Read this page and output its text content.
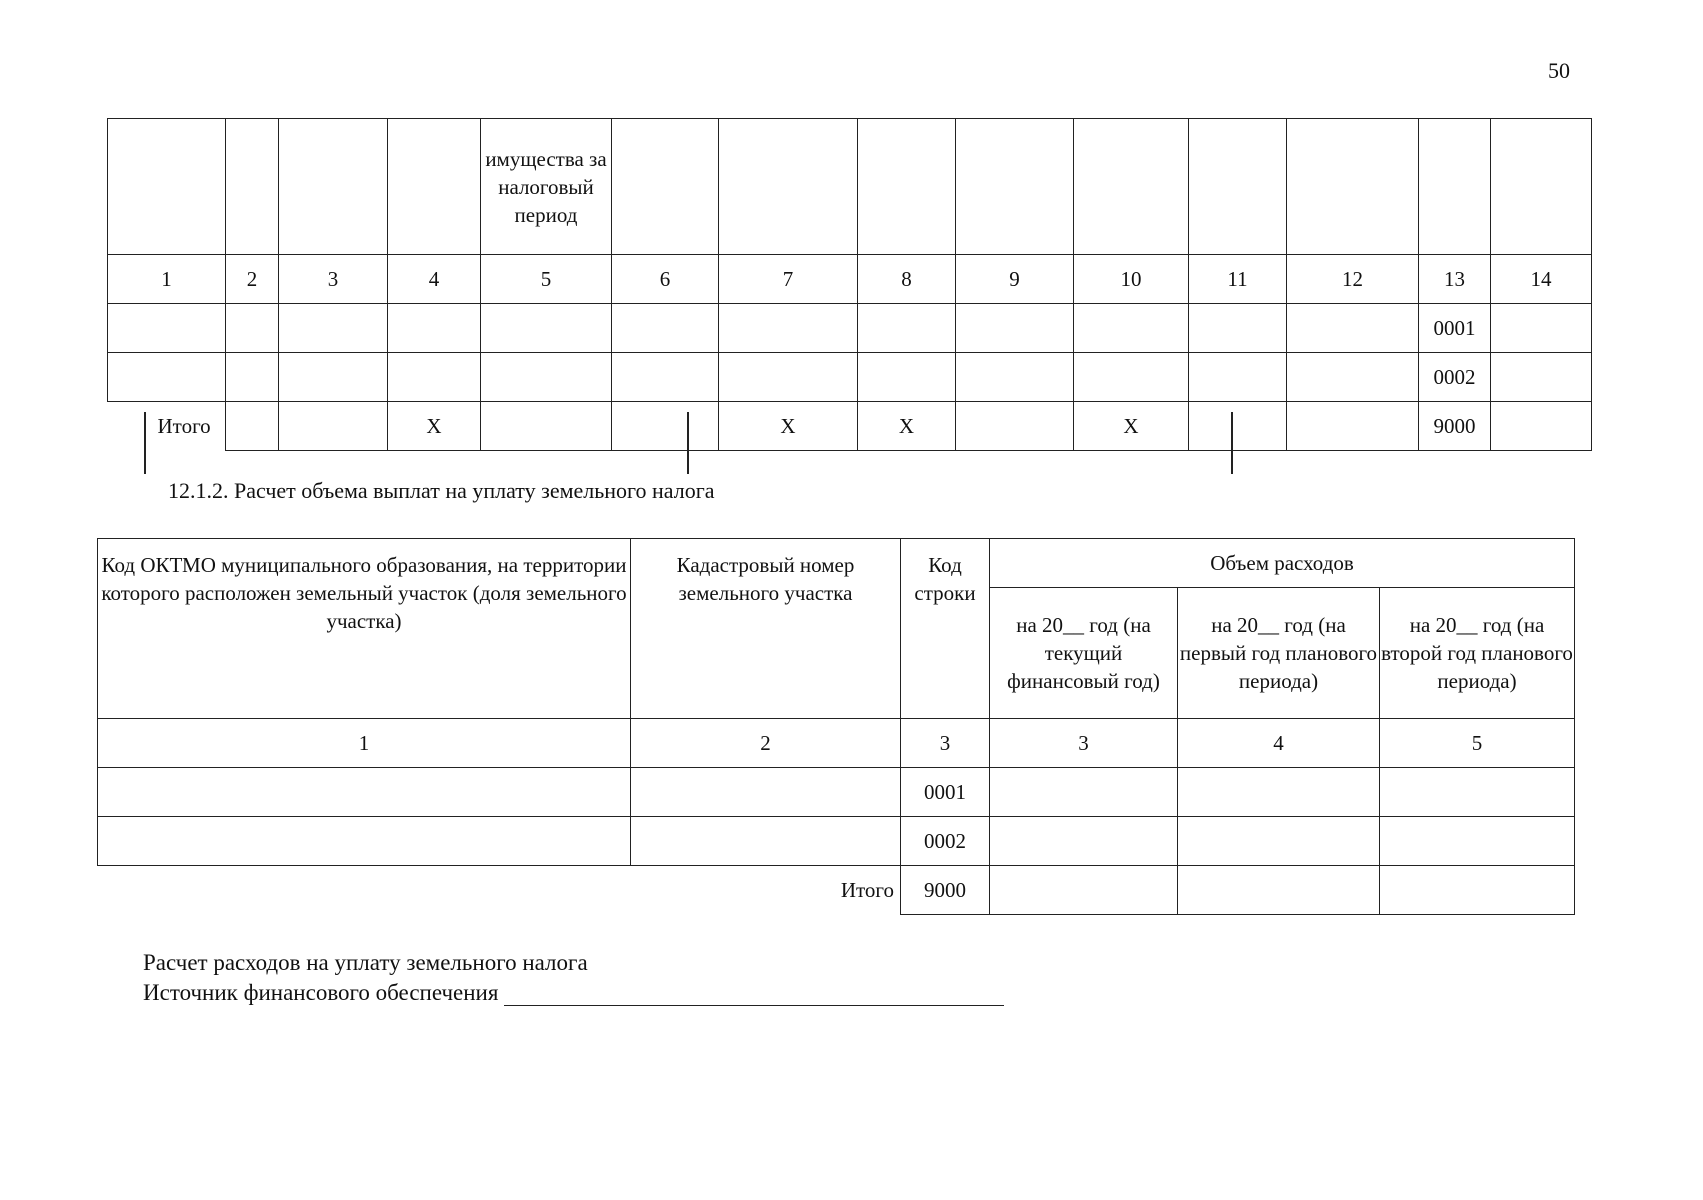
50
				имущества за налоговый период									
1	2	3	4	5	6	7	8	9	10	11	12	13	14
												0001	
												0002	
Итого			X			X	X		X			9000	
12.1.2. Расчет объема выплат на уплату земельного налога
Код ОКТМО муниципального образования, на территории которого расположен земельный участок (доля земельного участка)	Кадастровый номер земельного участка	Код строки	Объем расходов		
			на 20__ год (на текущий финансовый год)	на 20__ год (на первый год планового периода)	на 20__ год (на второй год планового периода)
1	2	3	3	4	5
		0001			
		0002			
	Итого	9000			
Расчет расходов на уплату земельного налога
Источник финансового обеспечения
